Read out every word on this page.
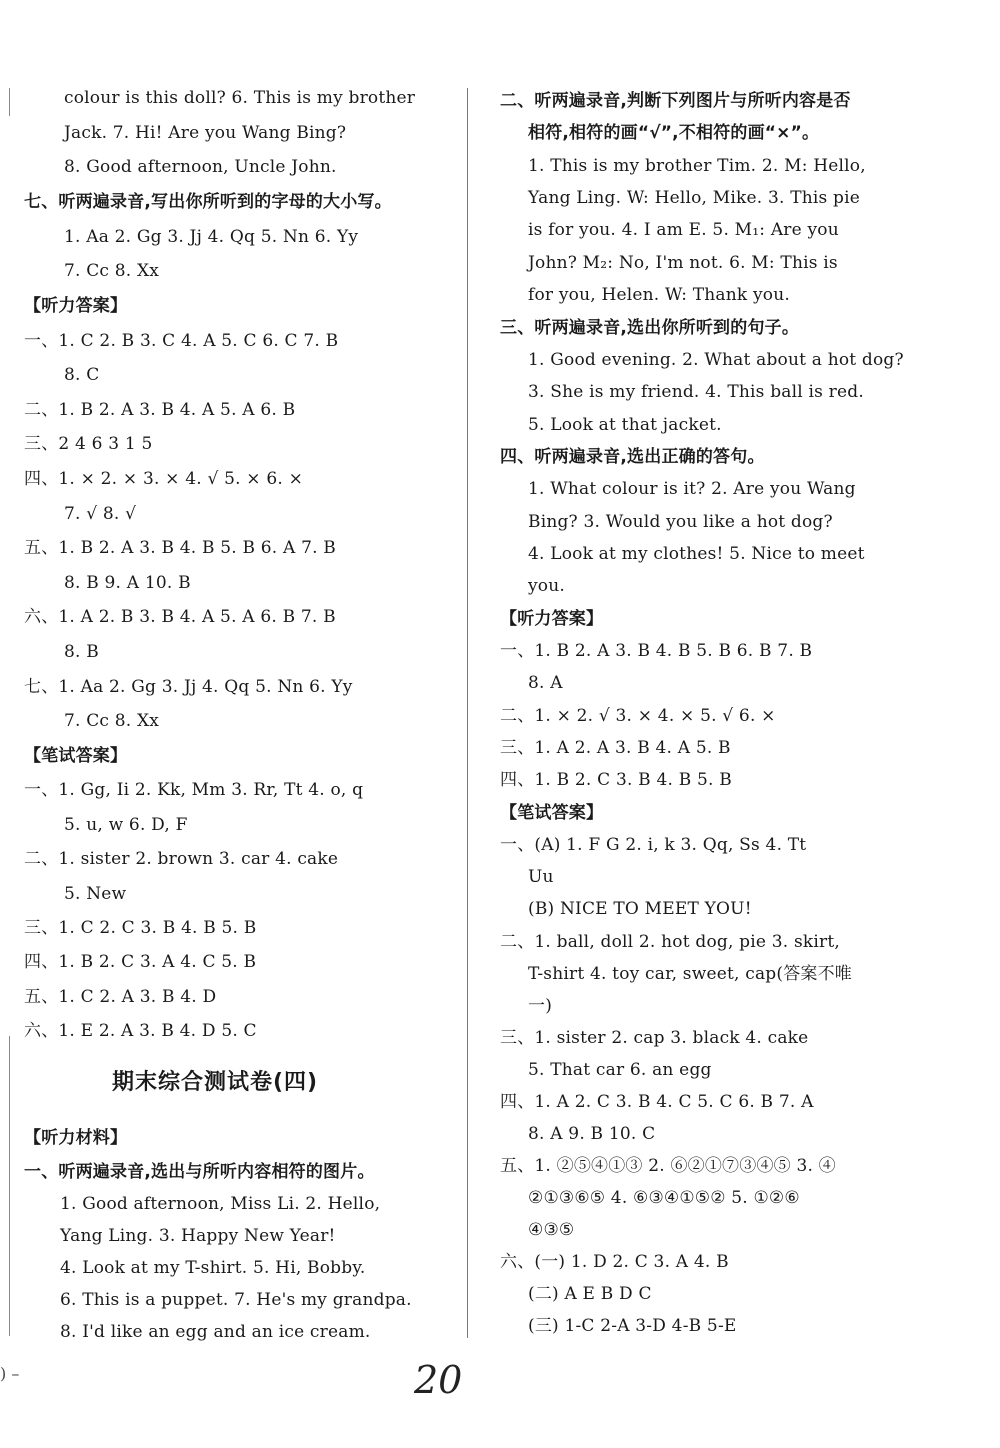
colour is this doll? 6. This is my brother
Jack. 7. Hi! Are you Wang Bing?
8. Good afternoon, Uncle John.
七、听两遍录音,写出你所听到的字母的大小写。
1. Aa 2. Gg 3. Jj 4. Qq 5. Nn 6. Yy
7. Cc 8. Xx
【听力答案】
一、1. C 2. B 3. C 4. A 5. C 6. C 7. B
8. C
二、1. B 2. A 3. B 4. A 5. A 6. B
三、2 4 6 3 1 5
四、1. × 2. × 3. × 4. √ 5. × 6. ×
7. √ 8. √
五、1. B 2. A 3. B 4. B 5. B 6. A 7. B
8. B 9. A 10. B
六、1. A 2. B 3. B 4. A 5. A 6. B 7. B
8. B
七、1. Aa 2. Gg 3. Jj 4. Qq 5. Nn 6. Yy
7. Cc 8. Xx
【笔试答案】
一、1. Gg, Ii 2. Kk, Mm 3. Rr, Tt 4. o, q
5. u, w 6. D, F
二、1. sister 2. brown 3. car 4. cake
5. New
三、1. C 2. C 3. B 4. B 5. B
四、1. B 2. C 3. A 4. C 5. B
五、1. C 2. A 3. B 4. D
六、1. E 2. A 3. B 4. D 5. C
【听力材料】
一、听两遍录音,选出与所听内容相符的图片。
1. Good afternoon, Miss Li. 2. Hello,
Yang Ling. 3. Happy New Year!
4. Look at my T-shirt. 5. Hi, Bobby.
6. This is a puppet. 7. He's my grandpa.
8. I'd like an egg and an ice cream.
二、听两遍录音,判断下列图片与所听内容是否
相符,相符的画“√”,不相符的画“×”。
1. This is my brother Tim. 2. M: Hello,
Yang Ling. W: Hello, Mike. 3. This pie
is for you. 4. I am E. 5. M₁: Are you
John? M₂: No, I'm not. 6. M: This is
for you, Helen. W: Thank you.
三、听两遍录音,选出你所听到的句子。
1. Good evening. 2. What about a hot dog?
3. She is my friend. 4. This ball is red.
5. Look at that jacket.
四、听两遍录音,选出正确的答句。
1. What colour is it? 2. Are you Wang
Bing? 3. Would you like a hot dog?
4. Look at my clothes! 5. Nice to meet
you.
【听力答案】
一、1. B 2. A 3. B 4. B 5. B 6. B 7. B
8. A
二、1. × 2. √ 3. × 4. × 5. √ 6. ×
三、1. A 2. A 3. B 4. A 5. B
四、1. B 2. C 3. B 4. B 5. B
【笔试答案】
一、(A) 1. F G 2. i, k 3. Qq, Ss 4. Tt
Uu
(B) NICE TO MEET YOU!
二、1. ball, doll 2. hot dog, pie 3. skirt,
T-shirt 4. toy car, sweet, cap(答案不唯
一)
三、1. sister 2. cap 3. black 4. cake
5. That car 6. an egg
四、1. A 2. C 3. B 4. C 5. C 6. B 7. A
8. A 9. B 10. C
五、1. ②⑤④①③ 2. ⑥②①⑦③④⑤ 3. ④
②①③⑥⑤ 4. ⑥③④①⑤② 5. ①②⑥
④③⑤
六、(一) 1. D 2. C 3. A 4. B
(二) A E B D C
(三) 1-C 2-A 3-D 4-B 5-E
期末综合测试卷(四)
20
) –
